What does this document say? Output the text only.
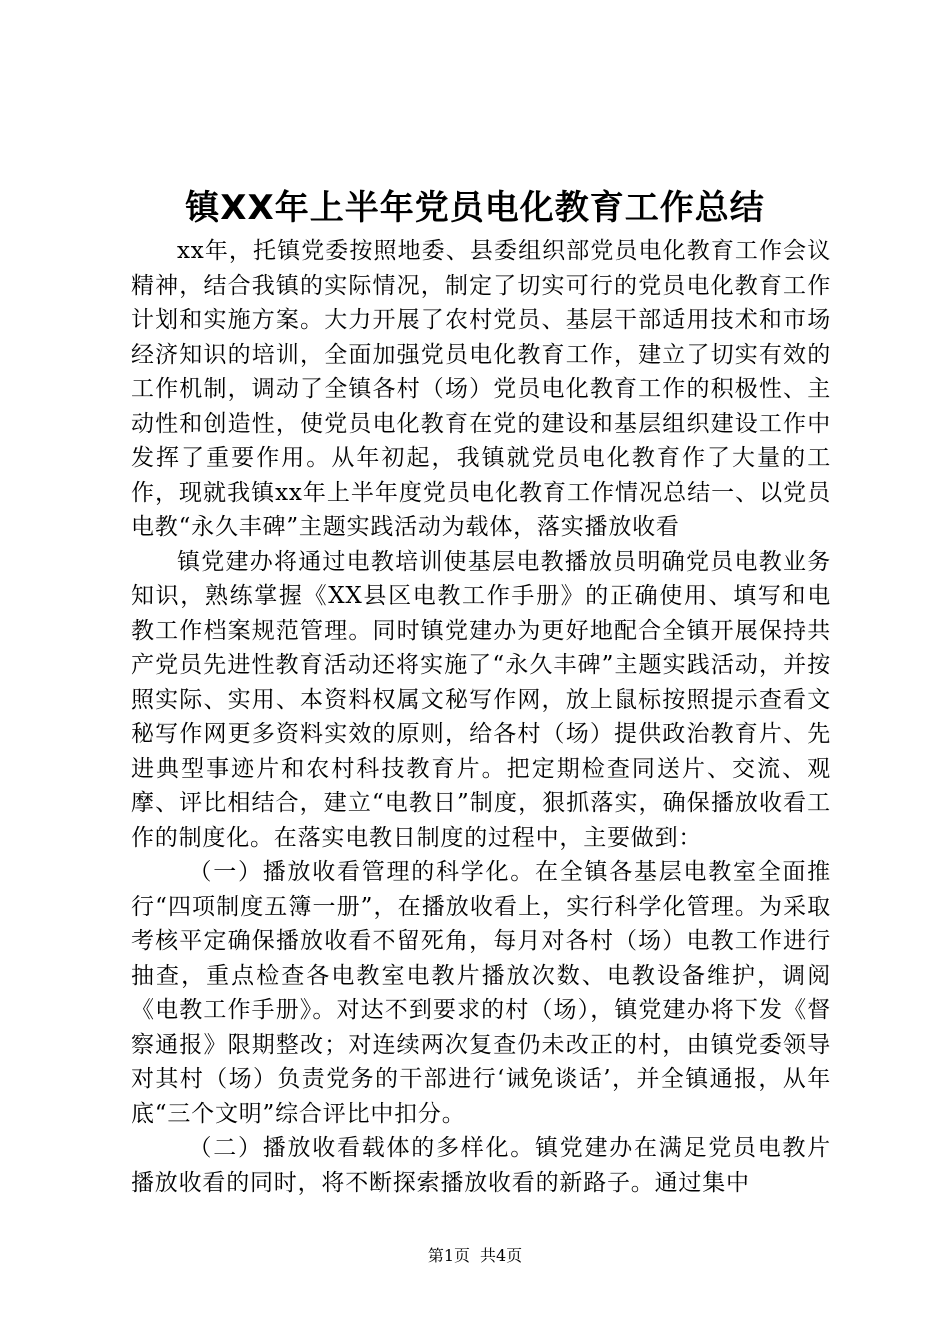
镇XX年上半年党员电化教育工作总结

xx年，托镇党委按照地委、县委组织部党员电化教育工作会议精神，结合我镇的实际情况，制定了切实可行的党员电化教育工作计划和实施方案。大力开展了农村党员、基层干部适用技术和市场经济知识的培训，全面加强党员电化教育工作，建立了切实有效的工作机制，调动了全镇各村（场）党员电化教育工作的积极性、主动性和创造性，使党员电化教育在党的建设和基层组织建设工作中发挥了重要作用。从年初起，我镇就党员电化教育作了大量的工作，现就我镇xx年上半年度党员电化教育工作情况总结一、以党员电教“永久丰碑”主题实践活动为载体，落实播放收看

镇党建办将通过电教培训使基层电教播放员明确党员电教业务知识，熟练掌握《XX县区电教工作手册》的正确使用、填写和电教工作档案规范管理。同时镇党建办为更好地配合全镇开展保持共产党员先进性教育活动还将实施了“永久丰碑”主题实践活动，并按照实际、实用、本资料权属文秘写作网，放上鼠标按照提示查看文秘写作网更多资料实效的原则，给各村（场）提供政治教育片、先进典型事迹片和农村科技教育片。把定期检查同送片、交流、观摩、评比相结合，建立“电教日”制度，狠抓落实，确保播放收看工作的制度化。在落实电教日制度的过程中，主要做到：

（一）播放收看管理的科学化。在全镇各基层电教室全面推行“四项制度五簿一册”，在播放收看上，实行科学化管理。为采取考核平定确保播放收看不留死角，每月对各村（场）电教工作进行抽查，重点检查各电教室电教片播放次数、电教设备维护，调阅《电教工作手册》。对达不到要求的村（场），镇党建办将下发《督察通报》限期整改；对连续两次复查仍未改正的村，由镇党委领导对其村（场）负责党务的干部进行‘诫免谈话’，并全镇通报，从年底“三个文明”综合评比中扣分。

（二）播放收看载体的多样化。镇党建办在满足党员电教片播放收看的同时，将不断探索播放收看的新路子。通过集中

第1页 共4页
